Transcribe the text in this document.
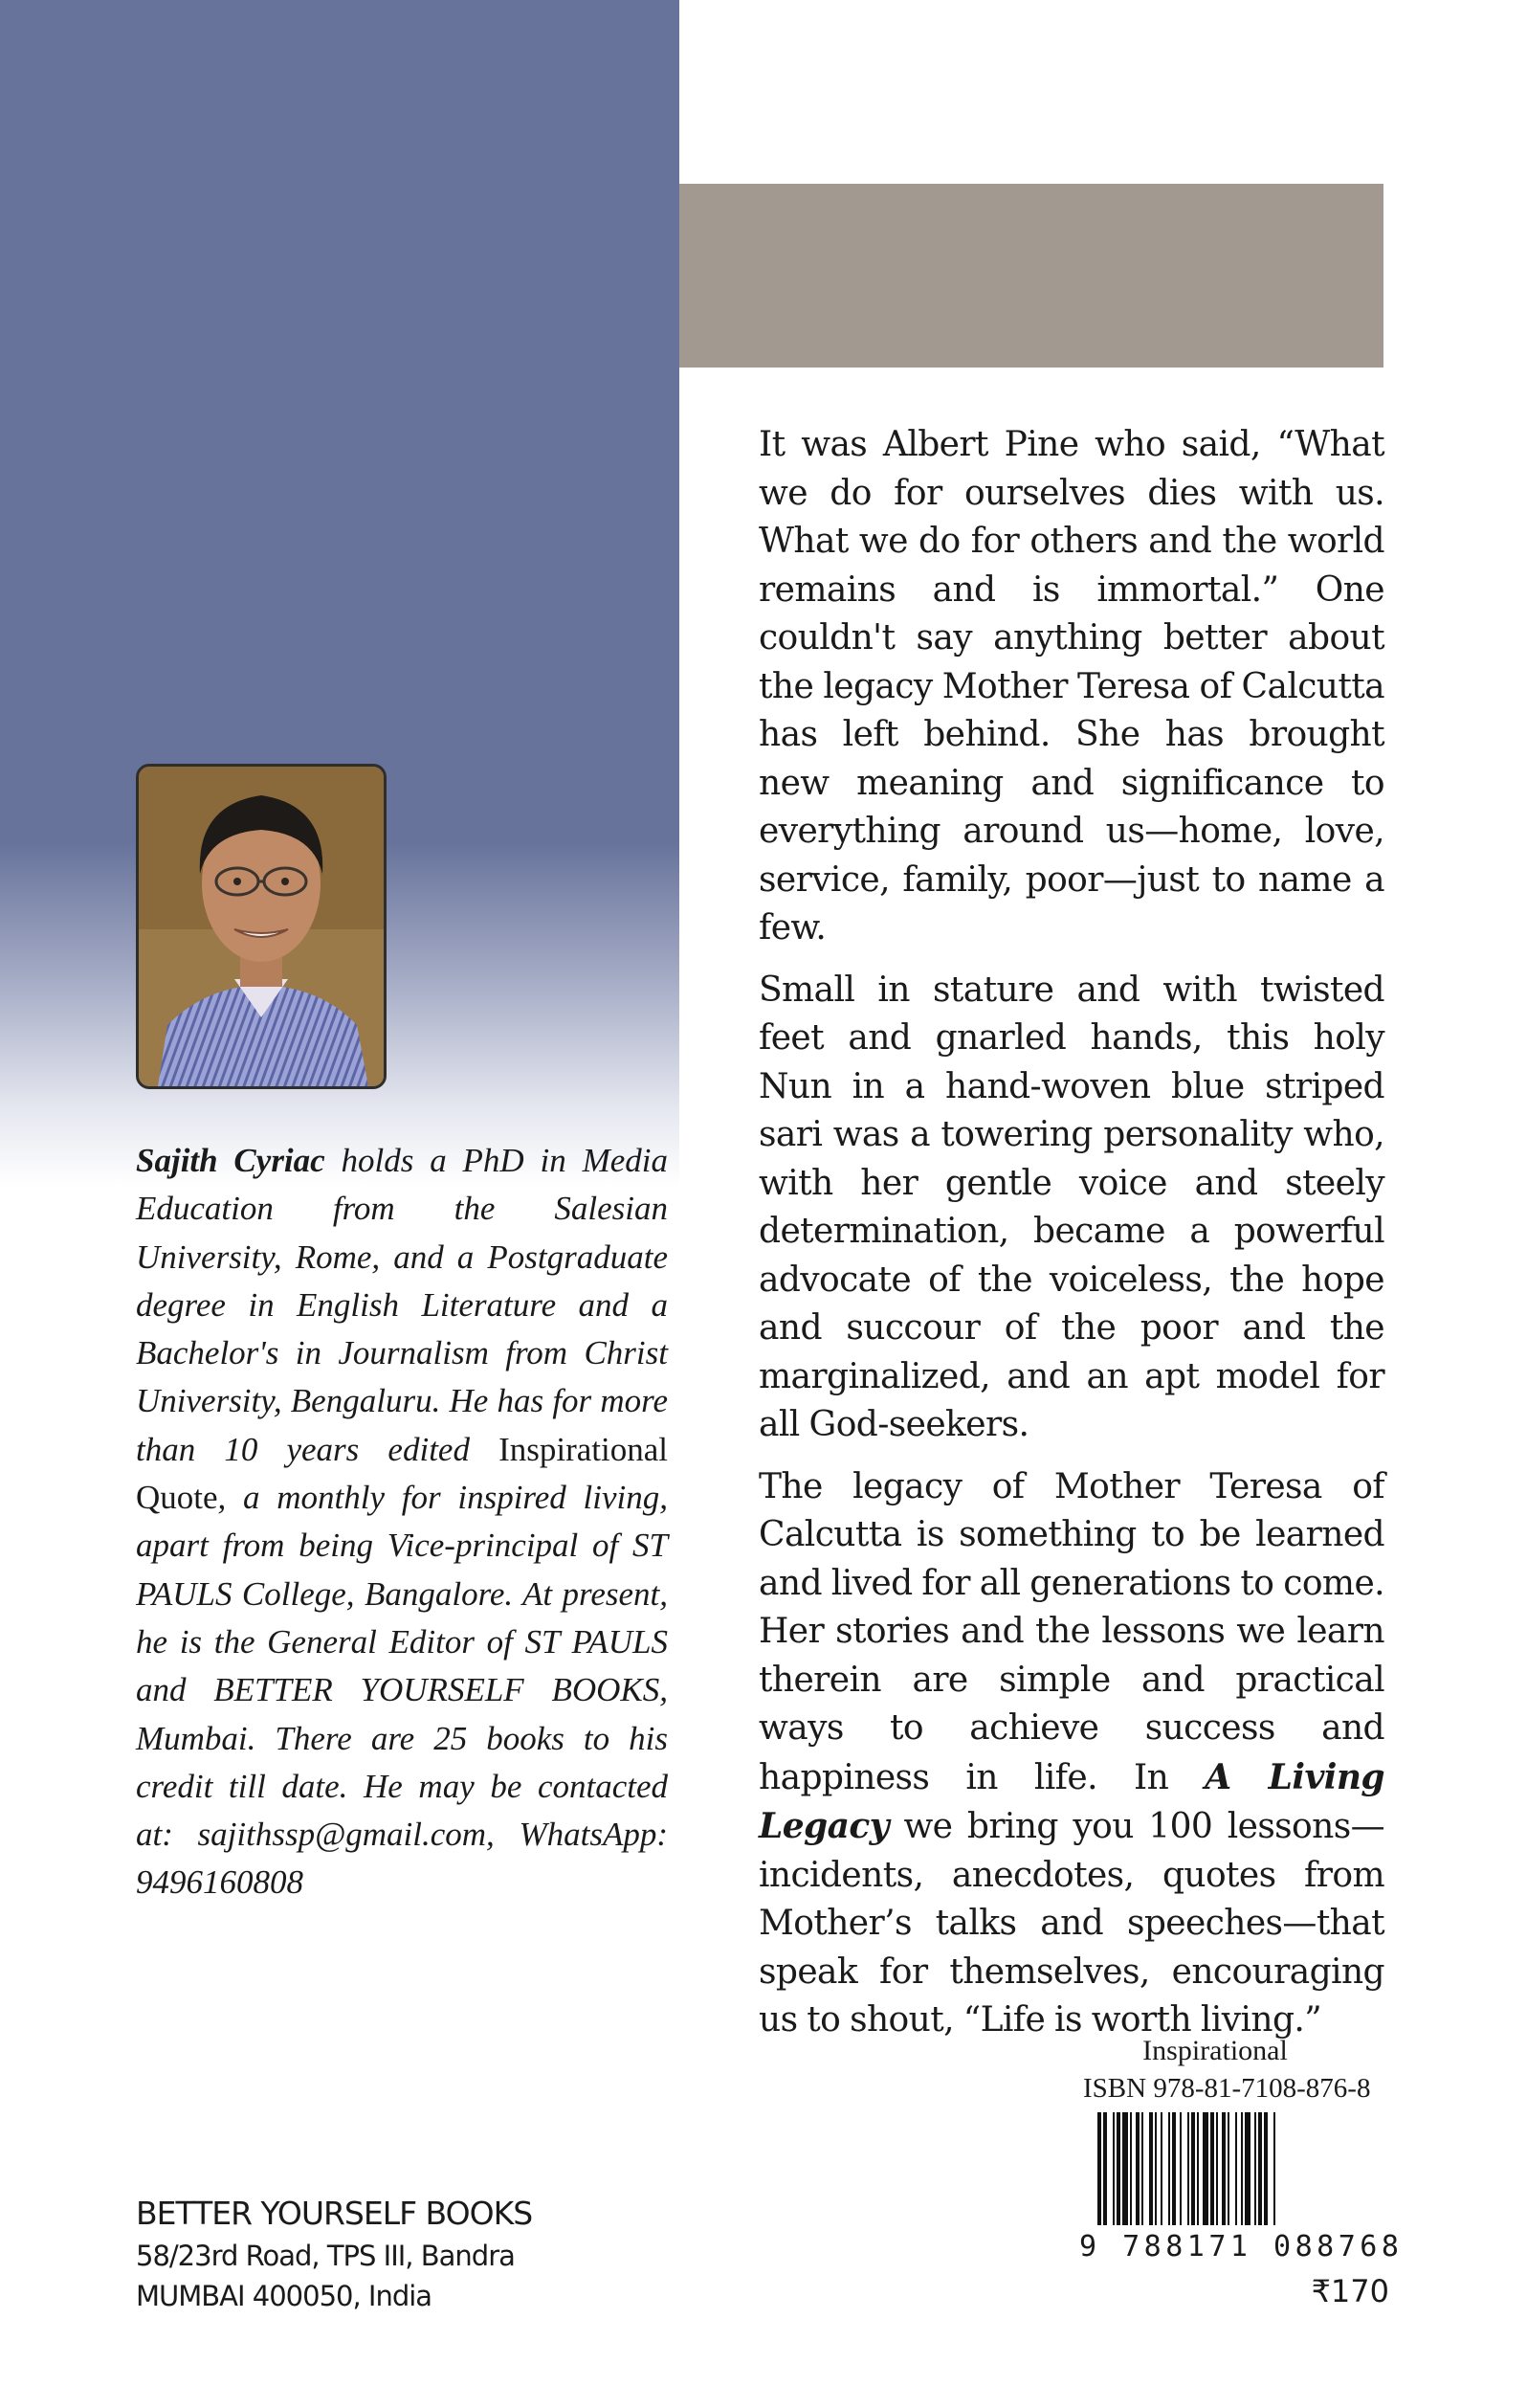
Sajith Cyriac holds a PhD in Media Education from the Salesian University, Rome, and a Postgraduate degree in English Literature and a Bachelor's in Journalism from Christ University, Bengaluru. He has for more than 10 years edited Inspirational Quote, a monthly for inspired living, apart from being Vice-principal of ST PAULS College, Bangalore. At present, he is the General Editor of ST PAULS and BETTER YOURSELF BOOKS, Mumbai. There are 25 books to his credit till date. He may be contacted at: sajithssp@gmail.com, WhatsApp: 9496160808

It was Albert Pine who said, “What we do for ourselves dies with us. What we do for others and the world remains and is immortal.” One couldn't say anything better about the legacy Mother Teresa of Calcutta has left behind. She has brought new meaning and significance to everything around us—home, love, service, family, poor—just to name a few.

Small in stature and with twisted feet and gnarled hands, this holy Nun in a hand-woven blue striped sari was a towering personality who, with her gentle voice and steely determination, became a powerful advocate of the voiceless, the hope and succour of the poor and the marginalized, and an apt model for all God-seekers.

The legacy of Mother Teresa of Calcutta is something to be learned and lived for all generations to come. Her stories and the lessons we learn therein are simple and practical ways to achieve success and happiness in life. In A Living Legacy we bring you 100 lessons—incidents, anecdotes, quotes from Mother’s talks and speeches—that speak for themselves, encouraging us to shout, “Life is worth living.”

BETTER YOURSELF BOOKS
58/23rd Road, TPS III, Bandra
MUMBAI 400050, India
Inspirational
ISBN 978-81-7108-876-8
9 788171 088768
₹170
